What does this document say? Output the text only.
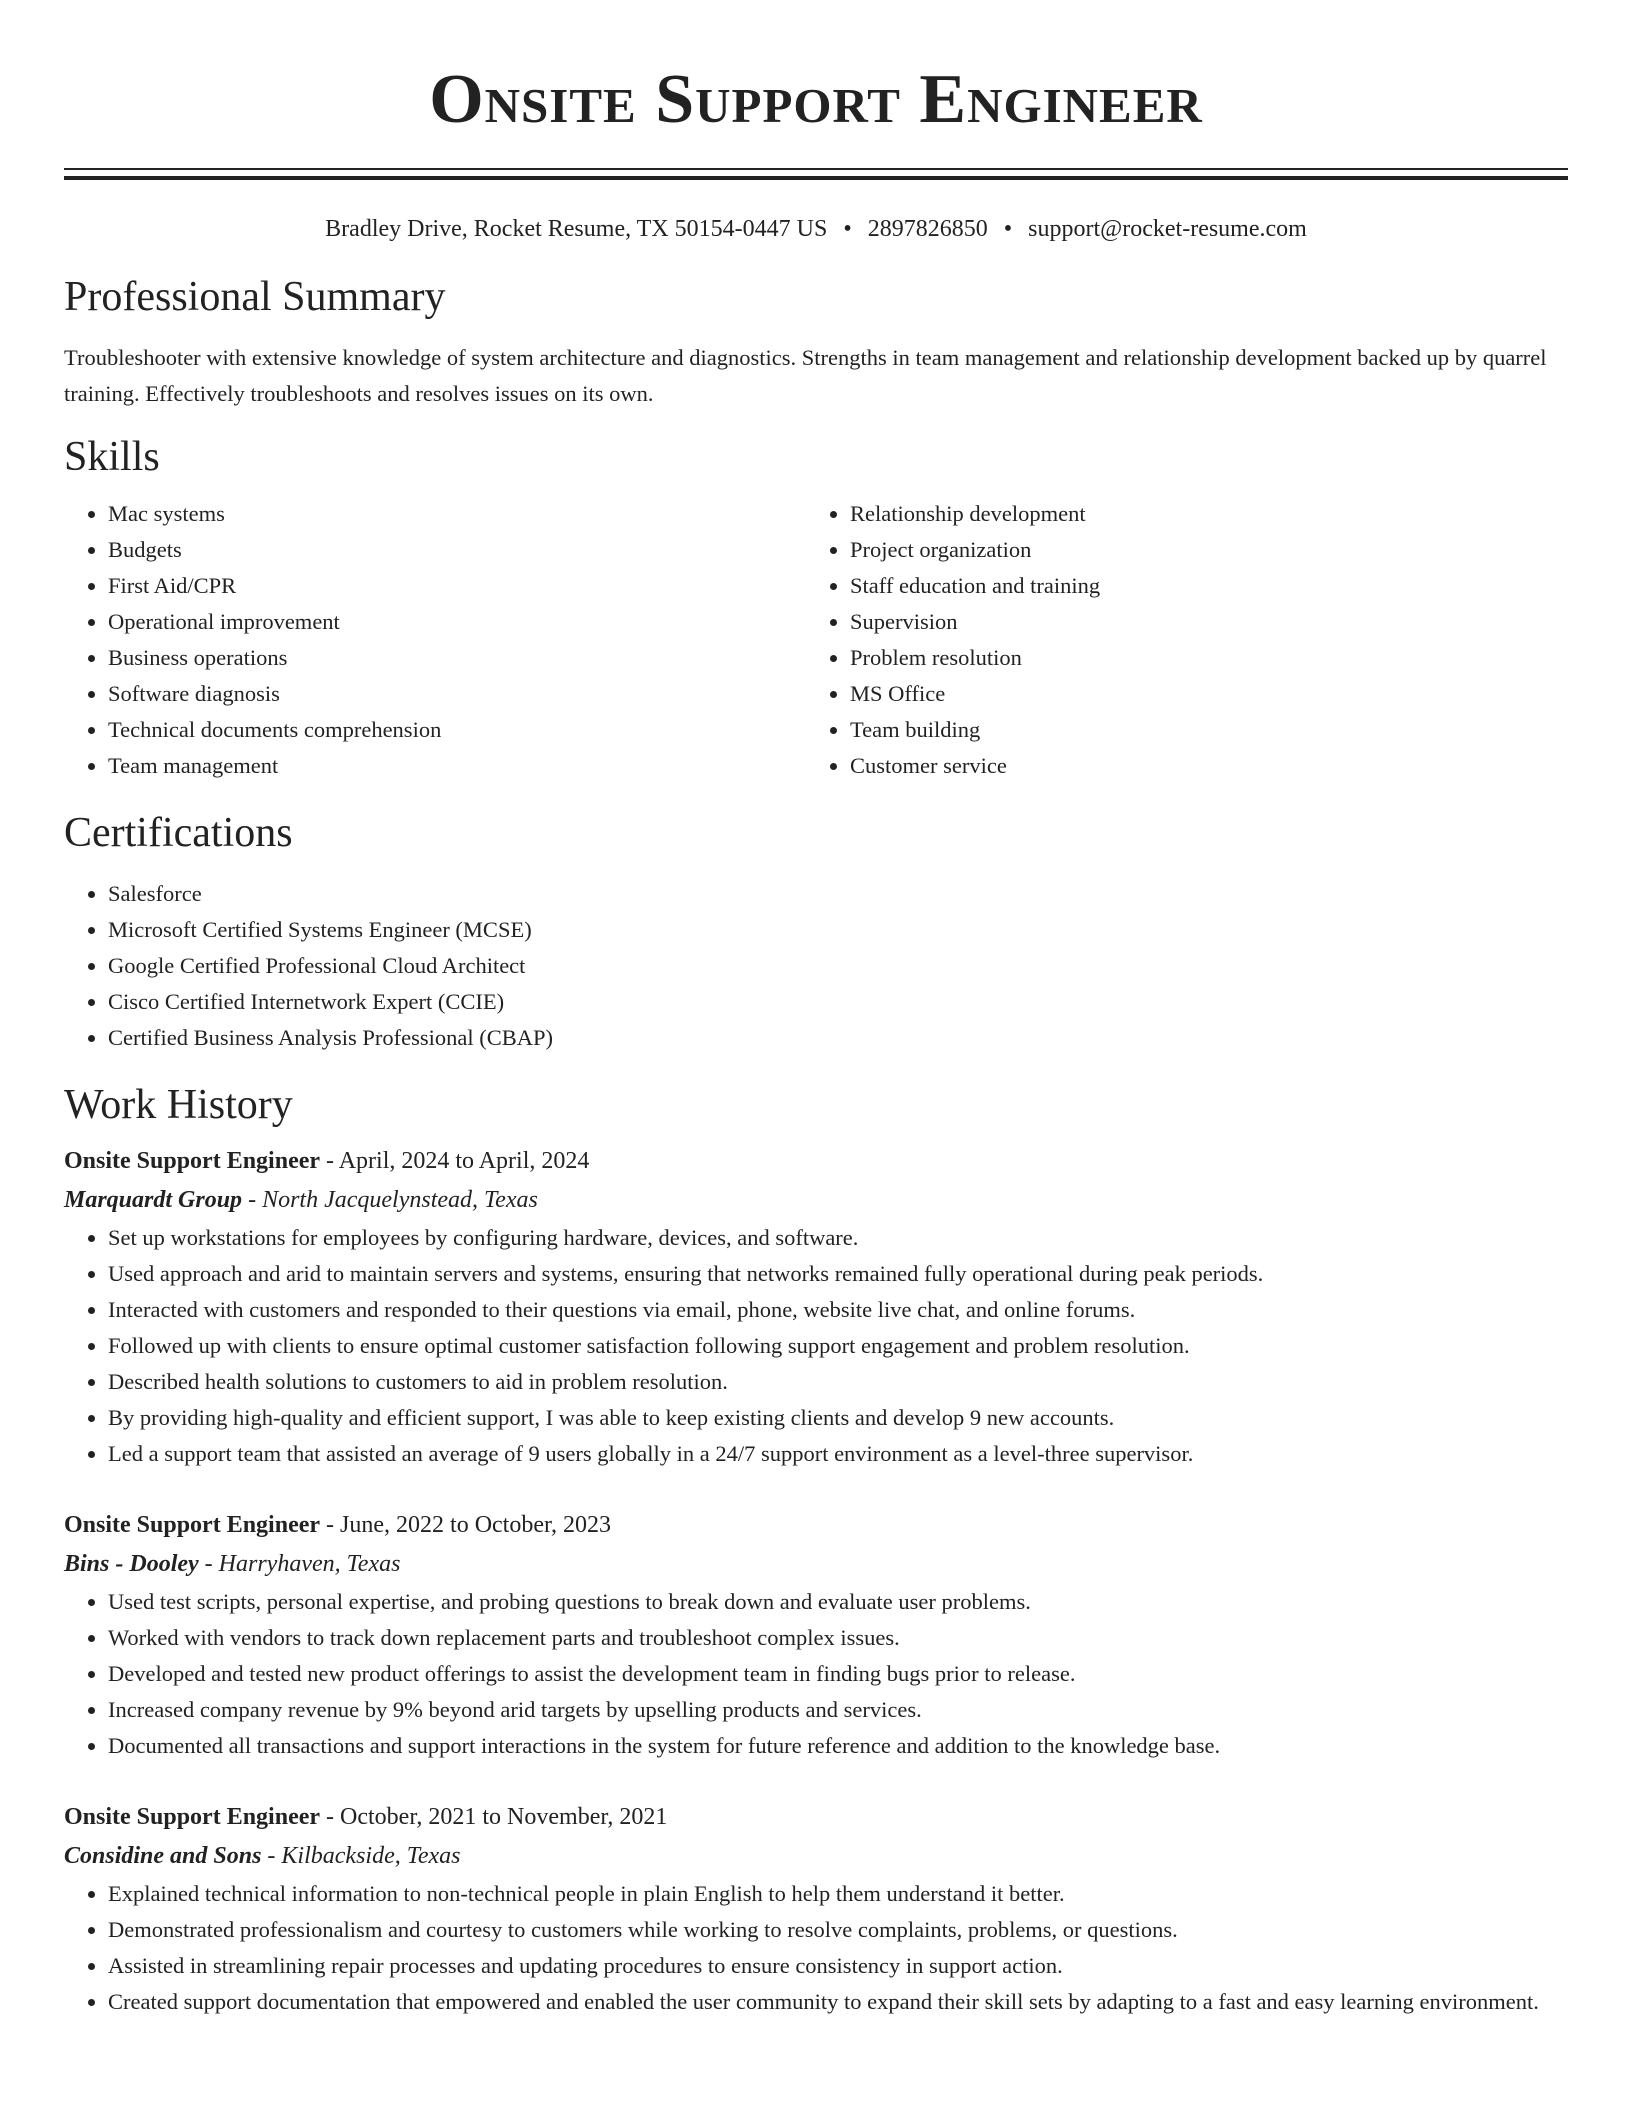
Onsite Support Engineer
Bradley Drive, Rocket Resume, TX 50154-0447 US • 2897826850 • support@rocket-resume.com
Professional Summary

Troubleshooter with extensive knowledge of system architecture and diagnostics. Strengths in team management and relationship development backed up by quarrel training. Effectively troubleshoots and resolves issues on its own.

Skills
• Mac systems
• Budgets
• First Aid/CPR
• Operational improvement
• Business operations
• Software diagnosis
• Technical documents comprehension
• Team management
• Relationship development
• Project organization
• Staff education and training
• Supervision
• Problem resolution
• MS Office
• Team building
• Customer service
Certifications
• Salesforce
• Microsoft Certified Systems Engineer (MCSE)
• Google Certified Professional Cloud Architect
• Cisco Certified Internetwork Expert (CCIE)
• Certified Business Analysis Professional (CBAP)
Work History
Onsite Support Engineer - April, 2024 to April, 2024
Marquardt Group - North Jacquelynstead, Texas
• Set up workstations for employees by configuring hardware, devices, and software.
• Used approach and arid to maintain servers and systems, ensuring that networks remained fully operational during peak periods.
• Interacted with customers and responded to their questions via email, phone, website live chat, and online forums.
• Followed up with clients to ensure optimal customer satisfaction following support engagement and problem resolution.
• Described health solutions to customers to aid in problem resolution.
• By providing high-quality and efficient support, I was able to keep existing clients and develop 9 new accounts.
• Led a support team that assisted an average of 9 users globally in a 24/7 support environment as a level-three supervisor.
Onsite Support Engineer - June, 2022 to October, 2023
Bins - Dooley - Harryhaven, Texas
• Used test scripts, personal expertise, and probing questions to break down and evaluate user problems.
• Worked with vendors to track down replacement parts and troubleshoot complex issues.
• Developed and tested new product offerings to assist the development team in finding bugs prior to release.
• Increased company revenue by 9% beyond arid targets by upselling products and services.
• Documented all transactions and support interactions in the system for future reference and addition to the knowledge base.
Onsite Support Engineer - October, 2021 to November, 2021
Considine and Sons - Kilbackside, Texas
• Explained technical information to non-technical people in plain English to help them understand it better.
• Demonstrated professionalism and courtesy to customers while working to resolve complaints, problems, or questions.
• Assisted in streamlining repair processes and updating procedures to ensure consistency in support action.
• Created support documentation that empowered and enabled the user community to expand their skill sets by adapting to a fast and easy learning environment.
